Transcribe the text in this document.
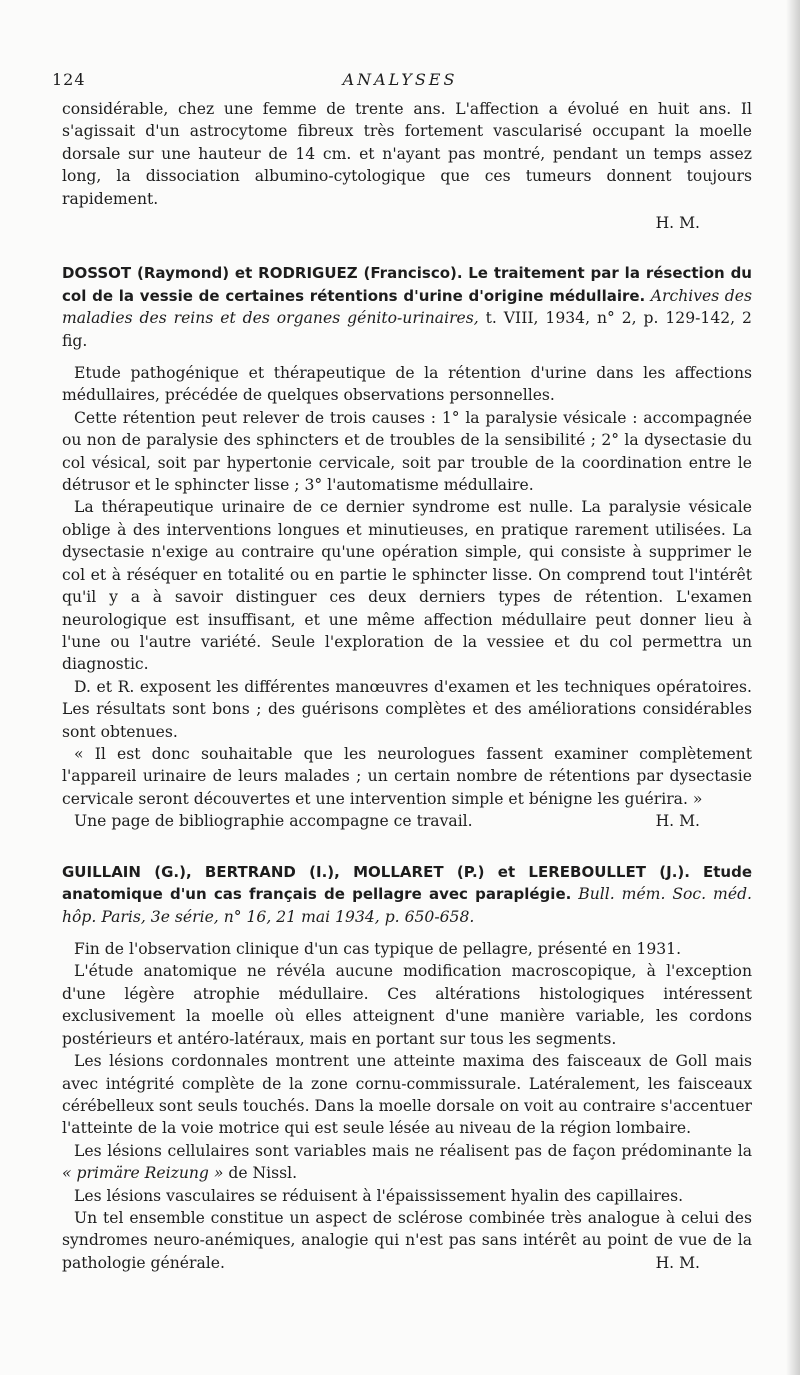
124	ANALYSES

considérable, chez une femme de trente ans. L'affection a évolué en huit ans. Il s'agissait d'un astrocytome fibreux très fortement vascularisé occupant la moelle dorsale sur une hauteur de 14 cm. et n'ayant pas montré, pendant un temps assez long, la dissociation albumino-cytologique que ces tumeurs donnent toujours rapidement.

H. M.

DOSSOT (Raymond) et RODRIGUEZ (Francisco). Le traitement par la résection du col de la vessie de certaines rétentions d'urine d'origine médullaire. Archives des maladies des reins et des organes génito-urinaires, t. VIII, 1934, n° 2, p. 129-142, 2 fig.

Etude pathogénique et thérapeutique de la rétention d'urine dans les affections médullaires, précédée de quelques observations personnelles.

Cette rétention peut relever de trois causes : 1° la paralysie vésicale : accompagnée ou non de paralysie des sphincters et de troubles de la sensibilité ; 2° la dysectasie du col vésical, soit par hypertonie cervicale, soit par trouble de la coordination entre le détrusor et le sphincter lisse ; 3° l'automatisme médullaire.

La thérapeutique urinaire de ce dernier syndrome est nulle. La paralysie vésicale oblige à des interventions longues et minutieuses, en pratique rarement utilisées. La dysectasie n'exige au contraire qu'une opération simple, qui consiste à supprimer le col et à réséquer en totalité ou en partie le sphincter lisse. On comprend tout l'intérêt qu'il y a à savoir distinguer ces deux derniers types de rétention. L'examen neurologique est insuffisant, et une même affection médullaire peut donner lieu à l'une ou l'autre variété. Seule l'exploration de la vessiee et du col permettra un diagnostic.

D. et R. exposent les différentes manœuvres d'examen et les techniques opératoires. Les résultats sont bons ; des guérisons complètes et des améliorations considérables sont obtenues.

« Il est donc souhaitable que les neurologues fassent examiner complètement l'appareil urinaire de leurs malades ; un certain nombre de rétentions par dysectasie cervicale seront découvertes et une intervention simple et bénigne les guérira. »

Une page de bibliographie accompagne ce travail.	H. M.

GUILLAIN (G.), BERTRAND (I.), MOLLARET (P.) et LEREBOULLET (J.). Etude anatomique d'un cas français de pellagre avec paraplégie. Bull. mém. Soc. méd. hôp. Paris, 3e série, n° 16, 21 mai 1934, p. 650-658.

Fin de l'observation clinique d'un cas typique de pellagre, présenté en 1931.

L'étude anatomique ne révéla aucune modification macroscopique, à l'exception d'une légère atrophie médullaire. Ces altérations histologiques intéressent exclusivement la moelle où elles atteignent d'une manière variable, les cordons postérieurs et antéro-latéraux, mais en portant sur tous les segments.

Les lésions cordonnales montrent une atteinte maxima des faisceaux de Goll mais avec intégrité complète de la zone cornu-commissurale. Latéralement, les faisceaux cérébelleux sont seuls touchés. Dans la moelle dorsale on voit au contraire s'accentuer l'atteinte de la voie motrice qui est seule lésée au niveau de la région lombaire.

Les lésions cellulaires sont variables mais ne réalisent pas de façon prédominante la « primäre Reizung » de Nissl.

Les lésions vasculaires se réduisent à l'épaississement hyalin des capillaires.

Un tel ensemble constitue un aspect de sclérose combinée très analogue à celui des syndromes neuro-anémiques, analogie qui n'est pas sans intérêt au point de vue de la pathologie générale.	H. M.
